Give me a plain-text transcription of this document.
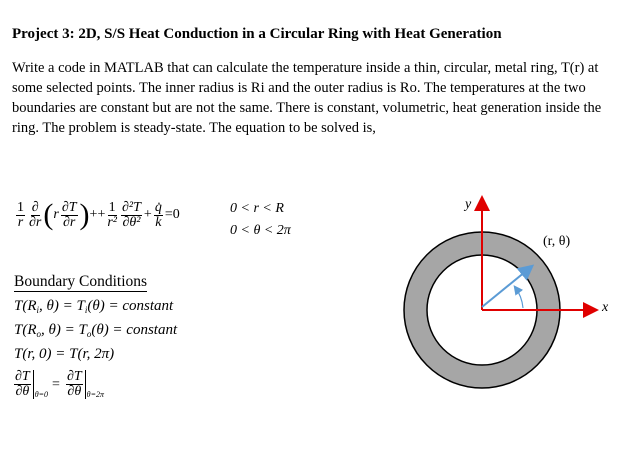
Project 3: 2D, S/S Heat Conduction in a Circular Ring with Heat Generation
Write a code in MATLAB that can calculate the temperature inside a thin, circular, metal ring, T(r) at some selected points. The inner radius is Ri and the outer radius is Ro. The temperatures at the two boundaries are constant but are not the same. There is constant, volumetric, heat generation inside the ring. The problem is steady-state. The equation to be solved is,
$\frac{1}{r} \frac{\partial}{\partial r}$ ( r $\frac{\partial T}{\partial r}$ ) ++ $\frac{1}{\text{r²}} \frac{\text{∂²T}}{\text{∂θ²}} + \frac{q̇}{k} =0$	0 < r < R
0 < θ < 2π
Boundary Conditions
$T(R_i$, $\theta) = T_i(\theta)$ = constant
$T(R_o$, $\theta) = T_o(\theta)$ = constant
T(r, 0) = T(r, 2π)
$\frac{\partial T}{\partial\theta} \theta=0$
= $\frac{\partial T}{\partial\theta} \theta=2\pi$
y
x
(r, θ)
